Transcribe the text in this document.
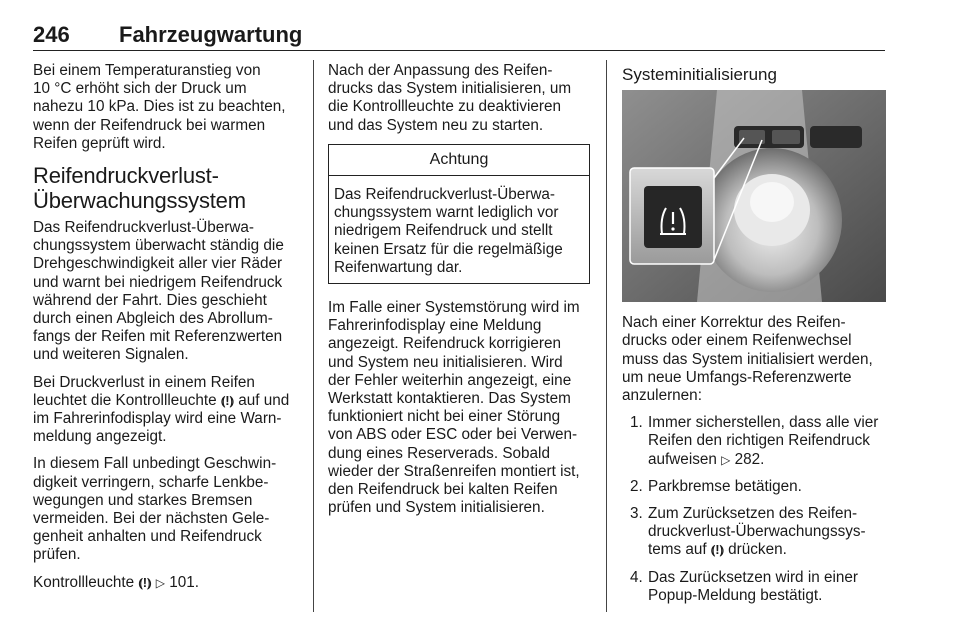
246 Fahrzeugwartung

Bei einem Temperaturanstieg von
10 °C erhöht sich der Druck um
nahezu 10 kPa. Dies ist zu beachten,
wenn der Reifendruck bei warmen
Reifen geprüft wird.

Reifendruckverlust-
Überwachungssystem

Das Reifendruckverlust-Überwa-
chungssystem überwacht ständig die
Drehgeschwindigkeit aller vier Räder
und warnt bei niedrigem Reifendruck
während der Fahrt. Dies geschieht
durch einen Abgleich des Abrollum-
fangs der Reifen mit Referenzwerten
und weiteren Signalen.

Bei Druckverlust in einem Reifen
leuchtet die Kontrollleuchte ⦅!⦆ auf und
im Fahrerinfodisplay wird eine Warn-
meldung angezeigt.

In diesem Fall unbedingt Geschwin-
digkeit verringern, scharfe Lenkbe-
wegungen und starkes Bremsen
vermeiden. Bei der nächsten Gele-
genheit anhalten und Reifendruck
prüfen.

Kontrollleuchte ⦅!⦆ ▷ 101.

Nach der Anpassung des Reifen-
drucks das System initialisieren, um
die Kontrollleuchte zu deaktivieren
und das System neu zu starten.

Achtung
Das Reifendruckverlust-Überwa-
chungssystem warnt lediglich vor
niedrigem Reifendruck und stellt
keinen Ersatz für die regelmäßige
Reifenwartung dar.

Im Falle einer Systemstörung wird im
Fahrerinfodisplay eine Meldung
angezeigt. Reifendruck korrigieren
und System neu initialisieren. Wird
der Fehler weiterhin angezeigt, eine
Werkstatt kontaktieren. Das System
funktioniert nicht bei einer Störung
von ABS oder ESC oder bei Verwen-
dung eines Reserverads. Sobald
wieder der Straßenreifen montiert ist,
den Reifendruck bei kalten Reifen
prüfen und System initialisieren.

Systeminitialisierung

Nach einer Korrektur des Reifen-
drucks oder einem Reifenwechsel
muss das System initialisiert werden,
um neue Umfangs-Referenzwerte
anzulernen:

1. Immer sicherstellen, dass alle vier
Reifen den richtigen Reifendruck
aufweisen ▷ 282.
2. Parkbremse betätigen.
3. Zum Zurücksetzen des Reifen-
druckverlust-Überwachungssys-
tems auf ⦅!⦆ drücken.
4. Das Zurücksetzen wird in einer
Popup-Meldung bestätigt.
